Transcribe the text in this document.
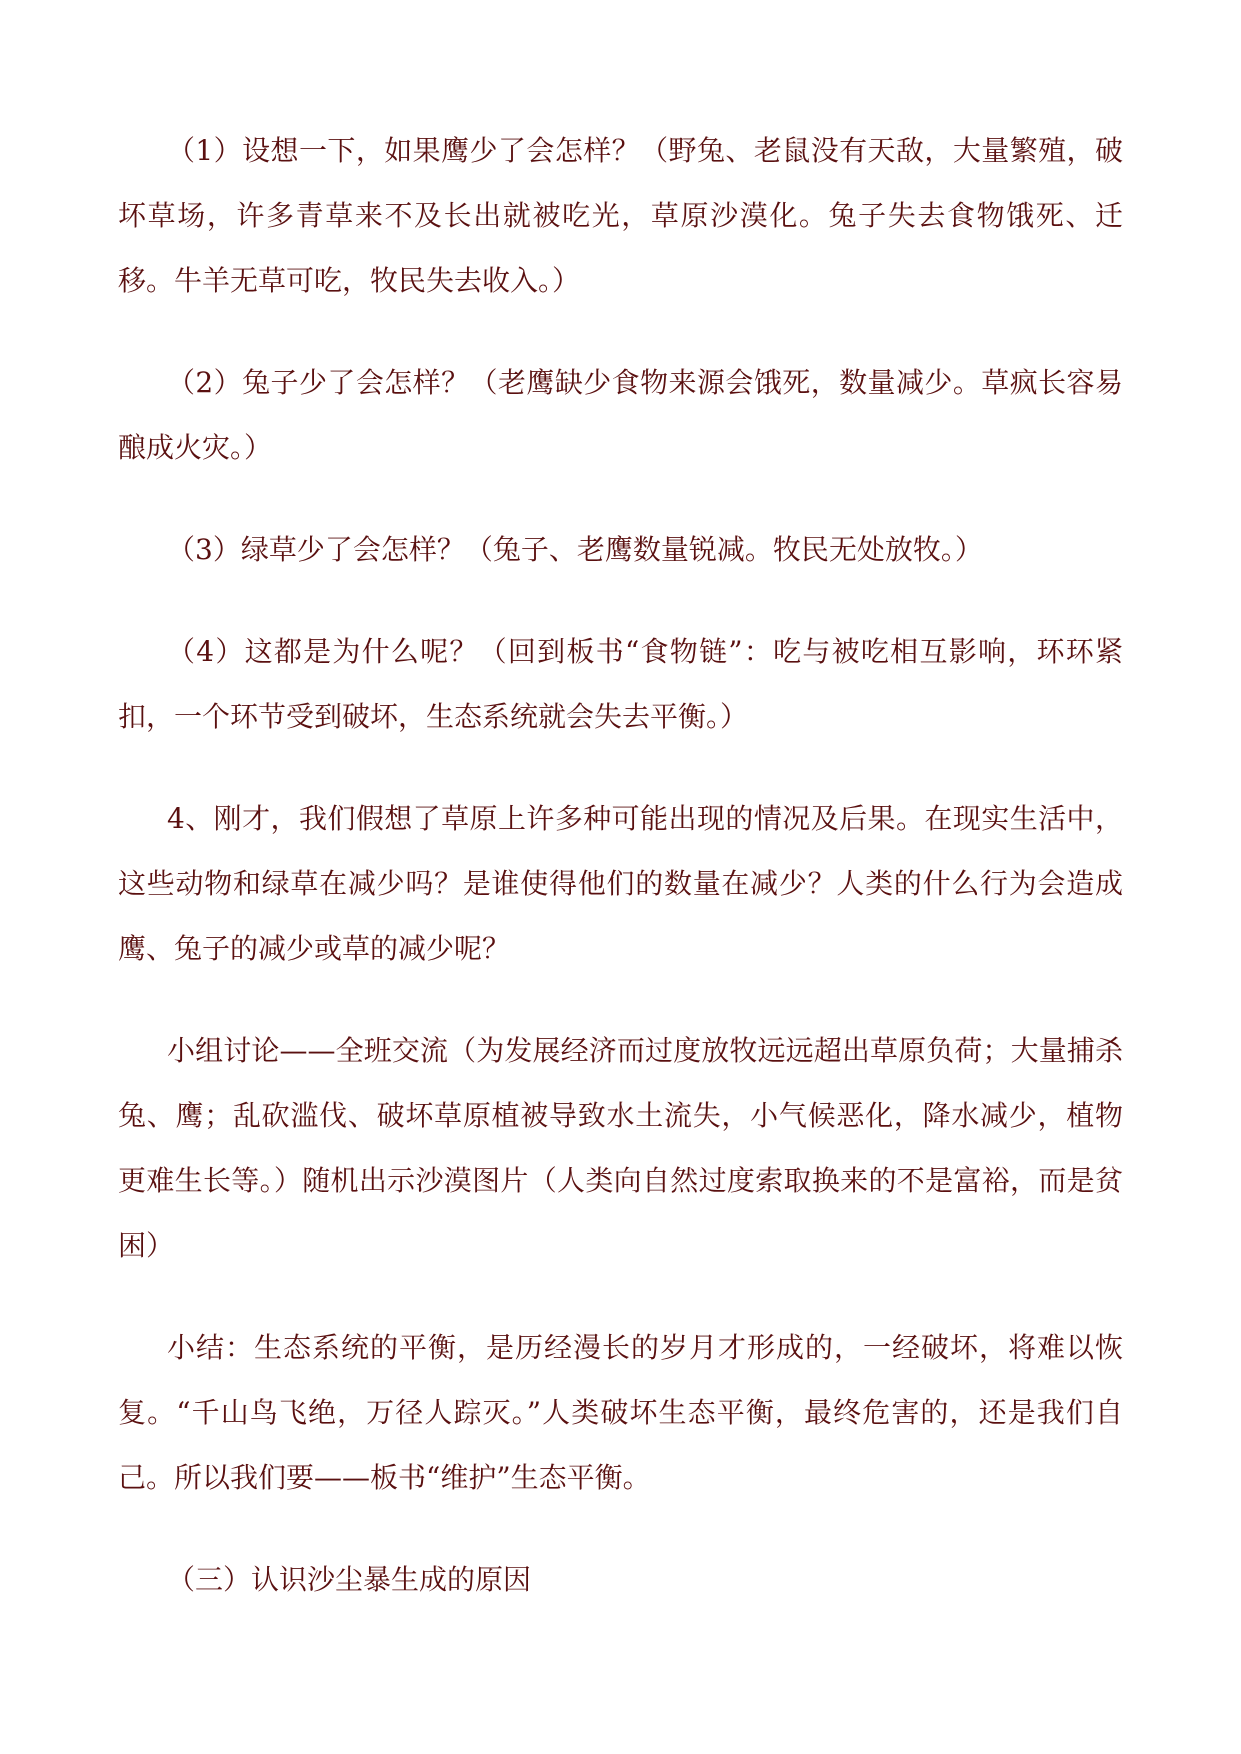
（1）设想一下，如果鹰少了会怎样？（野兔、老鼠没有天敌，大量繁殖，破坏草场，许多青草来不及长出就被吃光，草原沙漠化。兔子失去食物饿死、迁移。牛羊无草可吃，牧民失去收入。）

（2）兔子少了会怎样？（老鹰缺少食物来源会饿死，数量减少。草疯长容易酿成火灾。）

（3）绿草少了会怎样？（兔子、老鹰数量锐减。牧民无处放牧。）

（4）这都是为什么呢？（回到板书“食物链”：吃与被吃相互影响，环环紧扣，一个环节受到破坏，生态系统就会失去平衡。）

4、刚才，我们假想了草原上许多种可能出现的情况及后果。在现实生活中，这些动物和绿草在减少吗？是谁使得他们的数量在减少？人类的什么行为会造成鹰、兔子的减少或草的减少呢？

小组讨论——全班交流（为发展经济而过度放牧远远超出草原负荷；大量捕杀兔、鹰；乱砍滥伐、破坏草原植被导致水土流失，小气候恶化，降水减少，植物更难生长等。）随机出示沙漠图片（人类向自然过度索取换来的不是富裕，而是贫困）

小结：生态系统的平衡，是历经漫长的岁月才形成的，一经破坏，将难以恢复。“千山鸟飞绝，万径人踪灭。”人类破坏生态平衡，最终危害的，还是我们自己。所以我们要——板书“维护”生态平衡。

（三）认识沙尘暴生成的原因
